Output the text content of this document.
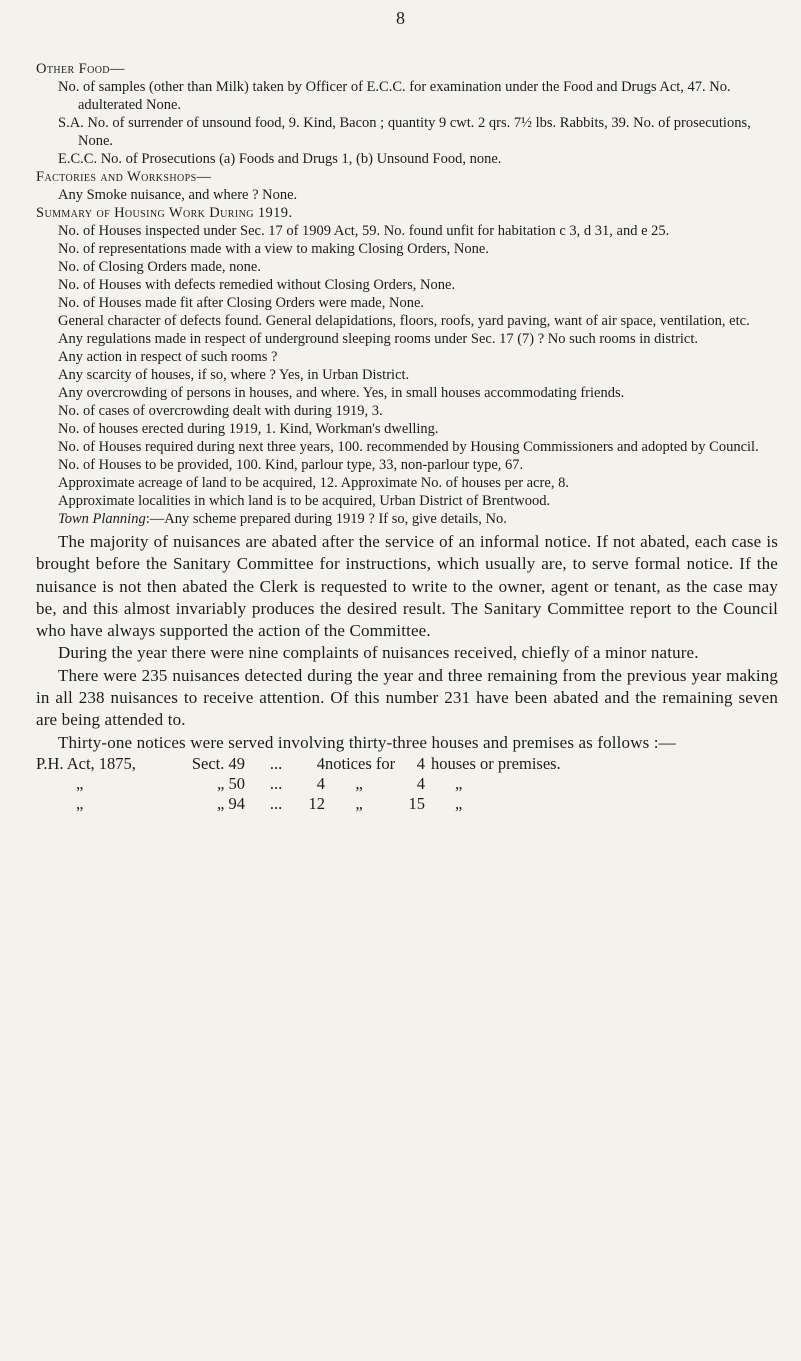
8
Other Food—
No. of samples (other than Milk) taken by Officer of E.C.C. for examination under the Food and Drugs Act, 47. No. adulterated None.
S.A. No. of surrender of unsound food, 9. Kind, Bacon ; quantity 9 cwt. 2 qrs. 7½ lbs. Rabbits, 39. No. of prosecutions, None.
E.C.C. No. of Prosecutions (a) Foods and Drugs 1, (b) Unsound Food, none.
Factories and Workshops—
Any Smoke nuisance, and where ? None.
Summary of Housing Work During 1919.
No. of Houses inspected under Sec. 17 of 1909 Act, 59. No. found unfit for habitation c 3, d 31, and e 25.
No. of representations made with a view to making Closing Orders, None.
No. of Closing Orders made, none.
No. of Houses with defects remedied without Closing Orders, None.
No. of Houses made fit after Closing Orders were made, None.
General character of defects found. General delapidations, floors, roofs, yard paving, want of air space, ventilation, etc.
Any regulations made in respect of underground sleeping rooms under Sec. 17 (7) ? No such rooms in district.
Any action in respect of such rooms ?
Any scarcity of houses, if so, where ? Yes, in Urban District.
Any overcrowding of persons in houses, and where. Yes, in small houses accommodating friends.
No. of cases of overcrowding dealt with during 1919, 3.
No. of houses erected during 1919, 1. Kind, Workman's dwelling.
No. of Houses required during next three years, 100. recommended by Housing Commissioners and adopted by Council.
No. of Houses to be provided, 100. Kind, parlour type, 33, non-parlour type, 67.
Approximate acreage of land to be acquired, 12. Approximate No. of houses per acre, 8.
Approximate localities in which land is to be acquired, Urban District of Brentwood.
Town Planning:—Any scheme prepared during 1919 ? If so, give details, No.

The majority of nuisances are abated after the service of an informal notice. If not abated, each case is brought before the Sanitary Committee for instructions, which usually are, to serve formal notice. If the nuisance is not then abated the Clerk is requested to write to the owner, agent or tenant, as the case may be, and this almost invariably produces the desired result. The Sanitary Committee report to the Council who have always supported the action of the Committee.

During the year there were nine complaints of nuisances received, chiefly of a minor nature.

There were 235 nuisances detected during the year and three remaining from the previous year making in all 238 nuisances to receive attention. Of this number 231 have been abated and the remaining seven are being attended to.

Thirty-one notices were served involving thirty-three houses and premises as follows :—

P.H. Act, 1875,	Sect. 49	...	4 notices for	4 houses or premises.
„	„ 50	...	4	„	4	„
„	„ 94	...	12	„	15	„
